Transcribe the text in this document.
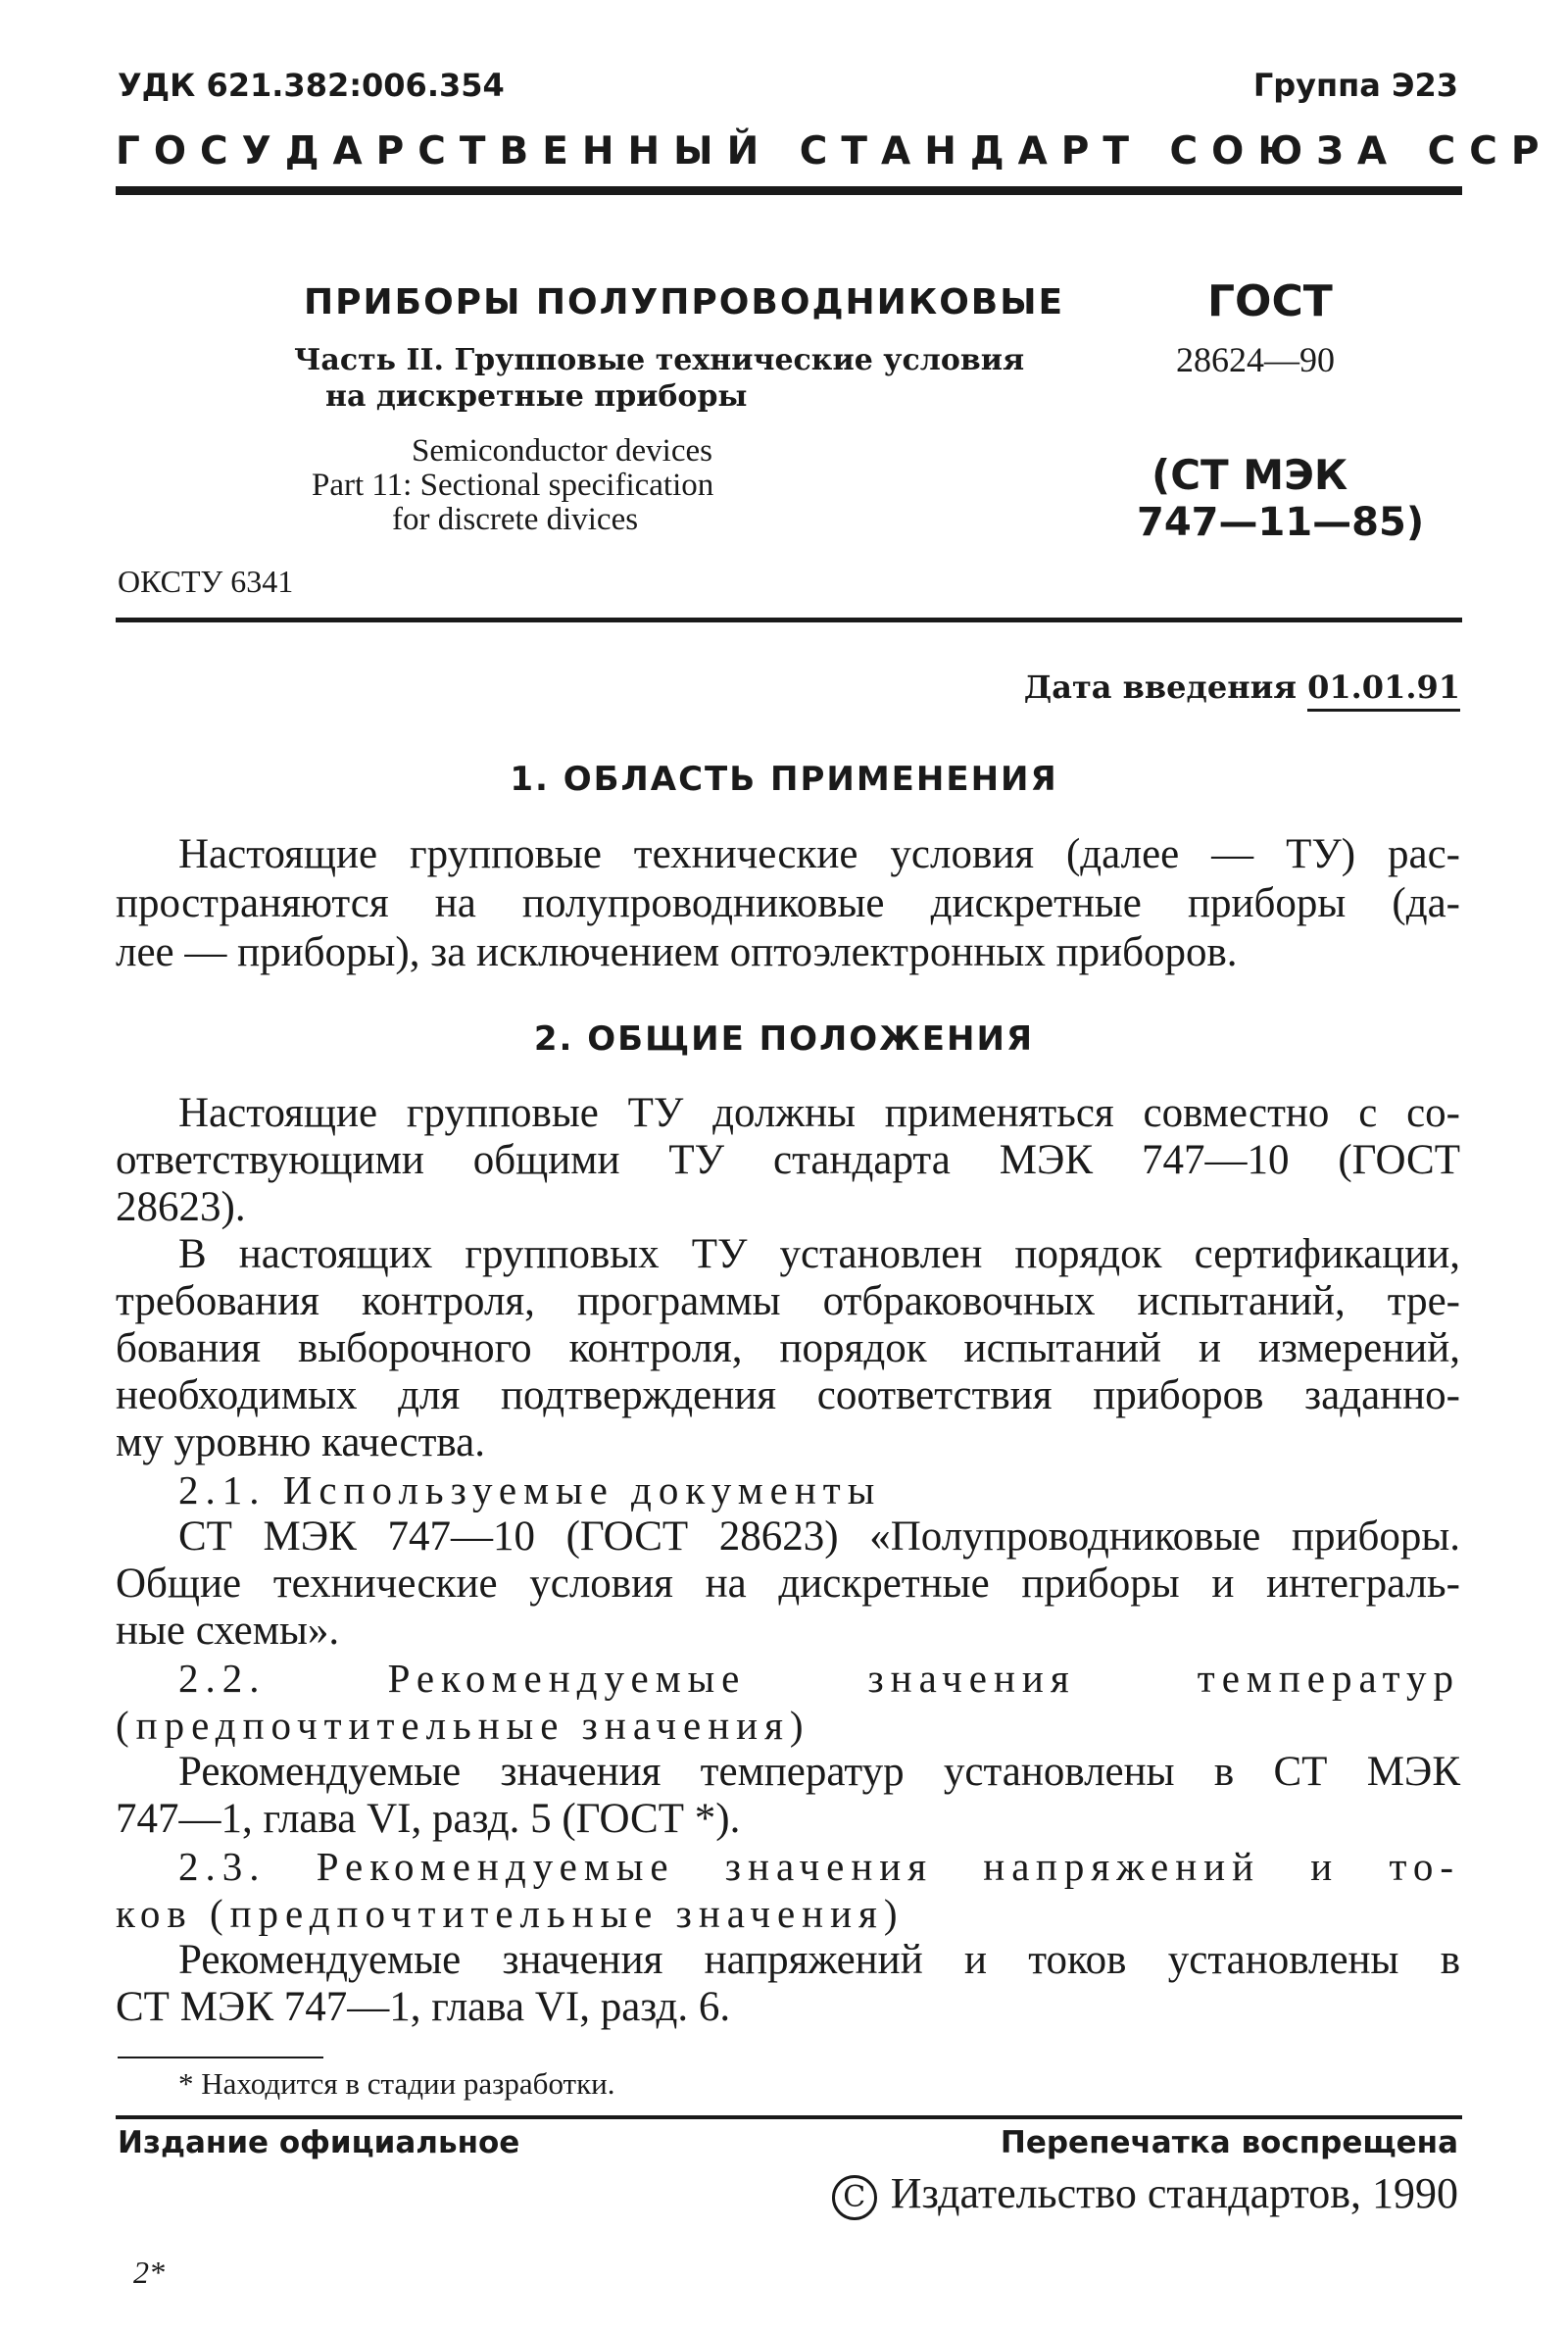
УДК 621.382:006.354	Группа Э23
Г О С У Д А Р С Т В Е Н Н Ы Й
С Т А Н Д А Р Т
С О Ю З А
С С Р
ПРИБОРЫ ПОЛУПРОВОДНИКОВЫЕ
Часть II. Групповые технические условия
на дискретные приборы
Semiconductor devices
Part 11: Sectional specification
for discrete divices
ОКСТУ 6341
ГОСТ
28624—90
(СТ МЭК
747—11—85)
Дата введения 01.01.91
1. ОБЛАСТЬ ПРИМЕНЕНИЯ
Настоящие групповые технические условия (далее — ТУ) рас-
пространяются на полупроводниковые дискретные приборы (да-
лее — приборы), за исключением оптоэлектронных приборов.
2. ОБЩИЕ ПОЛОЖЕНИЯ
Настоящие групповые ТУ должны применяться совместно с со-
ответствующими общими ТУ стандарта МЭК 747—10 (ГОСТ
28623).
В настоящих групповых ТУ установлен порядок сертификации,
требования контроля, программы отбраковочных испытаний, тре-
бования выборочного контроля, порядок испытаний и измерений,
необходимых для подтверждения соответствия приборов заданно-
му уровню качества.
2.1. Используемые документы
СТ МЭК 747—10 (ГОСТ 28623) «Полупроводниковые приборы.
Общие технические условия на дискретные приборы и интеграль-
ные схемы».
2.2. Рекомендуемые значения температур
(предпочтительные значения)
Рекомендуемые значения температур установлены в СТ МЭК
747—1, глава VI, разд. 5 (ГОСТ *).
2.3. Рекомендуемые значения напряжений и то-
ков (предпочтительные значения)
Рекомендуемые значения напряжений и токов установлены в
СТ МЭК 747—1, глава VI, разд. 6.
* Находится в стадии разработки.
Издание официальное	Перепечатка воспрещена
C Издательство стандартов, 1990
2*
